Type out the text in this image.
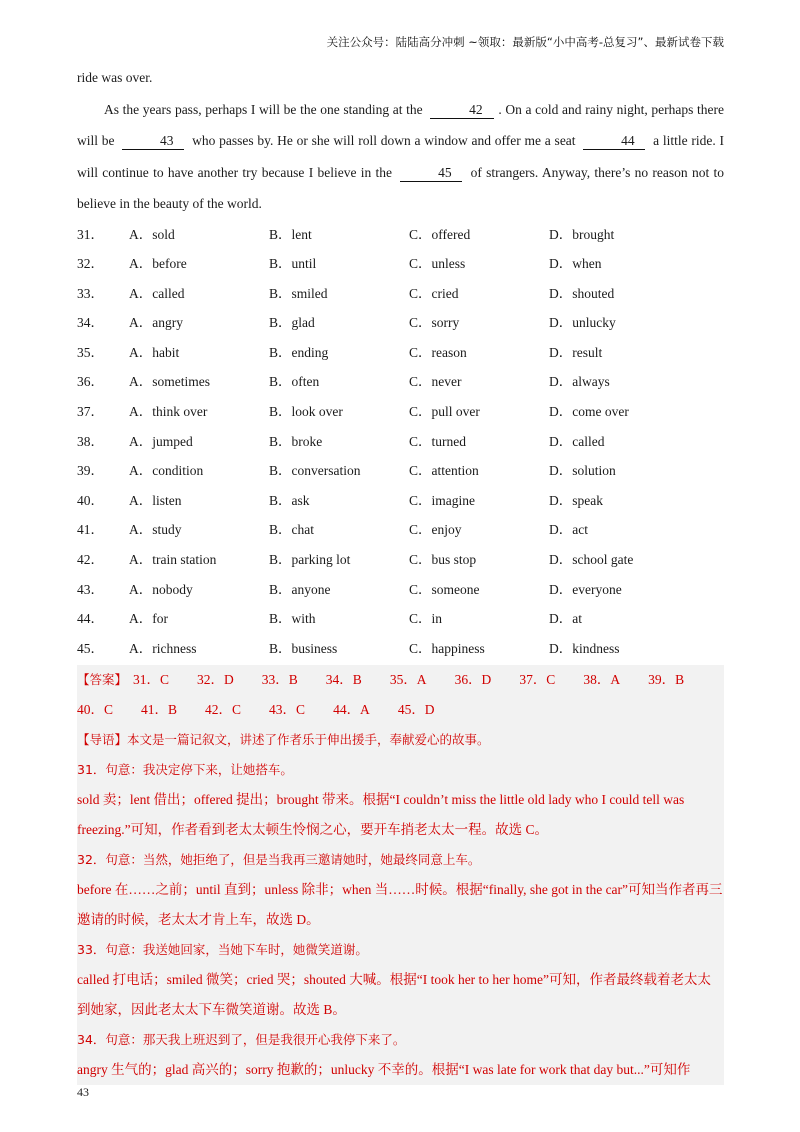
关注公众号：陆陆高分冲刺 ~领取：最新版“小中高考-总复习”、最新试卷下载

ride was over.

As the years pass, perhaps I will be the one standing at the	42 . On a cold and rainy night, perhaps there will be	43 who passes by. He or she will roll down a window and offer me a seat	44 a little ride. I will continue to have another try because I believe in the	45 of strangers. Anyway, there’s no reason not to believe in the beauty of the world.

31．	A．sold	B．lent	C．offered	D．brought
32．	A．before	B．until	C．unless	D．when
33．	A．called	B．smiled	C．cried	D．shouted
34．	A．angry	B．glad	C．sorry	D．unlucky
35．	A．habit	B．ending	C．reason	D．result
36．	A．sometimes	B．often	C．never	D．always
37．	A．think over	B．look over	C．pull over	D．come over
38．	A．jumped	B．broke	C．turned	D．called
39．	A．condition	B．conversation	C．attention	D．solution
40．	A．listen	B．ask	C．imagine	D．speak
41．	A．study	B．chat	C．enjoy	D．act
42．	A．train station	B．parking lot	C．bus stop	D．school gate
43．	A．nobody	B．anyone	C．someone	D．everyone
44．	A．for	B．with	C．in	D．at
45．	A．richness	B．business	C．happiness	D．kindness
【答案】 31．C 32．D 33．B 34．B 35．A 36．D 37．C 38．A 39．B
40．C 41．B 42．C 43．C 44．A 45．D

【导语】本文是一篇记叙文，讲述了作者乐于伸出援手，奉献爱心的故事。

31．句意：我决定停下来，让她搭车。

sold 卖；lent 借出；offered 提出；brought 带来。根据“I couldn’t miss the little old lady who I could tell was freezing.”可知，作者看到老太太顿生怜悯之心，要开车捎老太太一程。故选 C。

32．句意：当然，她拒绝了，但是当我再三邀请她时，她最终同意上车。

before 在……之前；until 直到；unless 除非；when 当……时候。根据“finally, she got in the car”可知当作者再三邀请的时候，老太太才肯上车，故选 D。

33．句意：我送她回家，当她下车时，她微笑道谢。

called 打电话；smiled 微笑；cried 哭；shouted 大喊。根据“I took her to her home”可知，作者最终载着老太太到她家，因此老太太下车微笑道谢。故选 B。

34．句意：那天我上班迟到了，但是我很开心我停下来了。

angry 生气的；glad 高兴的；sorry 抱歉的；unlucky 不幸的。根据“I was late for work that day but...”可知作

43
